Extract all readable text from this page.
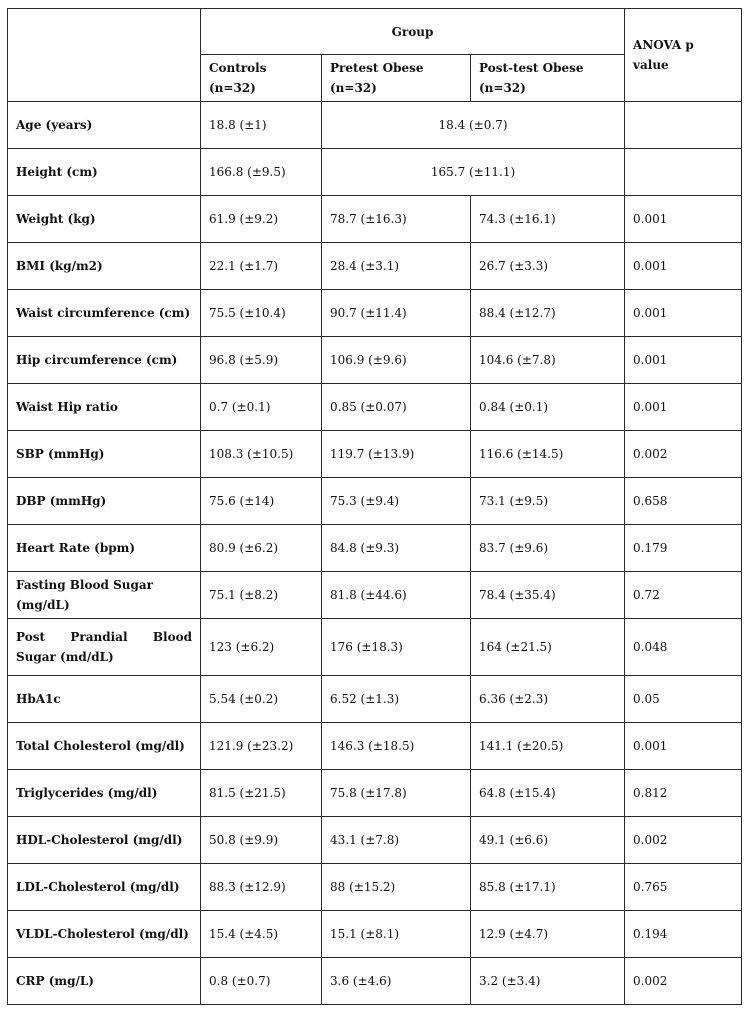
	Group			ANOVA p value
	Controls (n=32)	Pretest Obese (n=32)	Post-test Obese (n=32)	
Age (years)	18.8 (±1)	18.4 (±0.7)		
Height (cm)	166.8 (±9.5)	165.7 (±11.1)		
Weight (kg)	61.9 (±9.2)	78.7 (±16.3)	74.3 (±16.1)	0.001
BMI (kg/m2)	22.1 (±1.7)	28.4 (±3.1)	26.7 (±3.3)	0.001
Waist circumference (cm)	75.5 (±10.4)	90.7 (±11.4)	88.4 (±12.7)	0.001
Hip circumference (cm)	96.8 (±5.9)	106.9 (±9.6)	104.6 (±7.8)	0.001
Waist Hip ratio	0.7 (±0.1)	0.85 (±0.07)	0.84 (±0.1)	0.001
SBP (mmHg)	108.3 (±10.5)	119.7 (±13.9)	116.6 (±14.5)	0.002
DBP (mmHg)	75.6 (±14)	75.3 (±9.4)	73.1 (±9.5)	0.658
Heart Rate (bpm)	80.9 (±6.2)	84.8 (±9.3)	83.7 (±9.6)	0.179
Fasting Blood Sugar (mg/dL)	75.1 (±8.2)	81.8 (±44.6)	78.4 (±35.4)	0.72
Post Prandial Blood Sugar (md/dL)	123 (±6.2)	176 (±18.3)	164 (±21.5)	0.048
HbA1c	5.54 (±0.2)	6.52 (±1.3)	6.36 (±2.3)	0.05
Total Cholesterol (mg/dl)	121.9 (±23.2)	146.3 (±18.5)	141.1 (±20.5)	0.001
Triglycerides (mg/dl)	81.5 (±21.5)	75.8 (±17.8)	64.8 (±15.4)	0.812
HDL-Cholesterol (mg/dl)	50.8 (±9.9)	43.1 (±7.8)	49.1 (±6.6)	0.002
LDL-Cholesterol (mg/dl)	88.3 (±12.9)	88 (±15.2)	85.8 (±17.1)	0.765
VLDL-Cholesterol (mg/dl)	15.4 (±4.5)	15.1 (±8.1)	12.9 (±4.7)	0.194
CRP (mg/L)	0.8 (±0.7)	3.6 (±4.6)	3.2 (±3.4)	0.002
